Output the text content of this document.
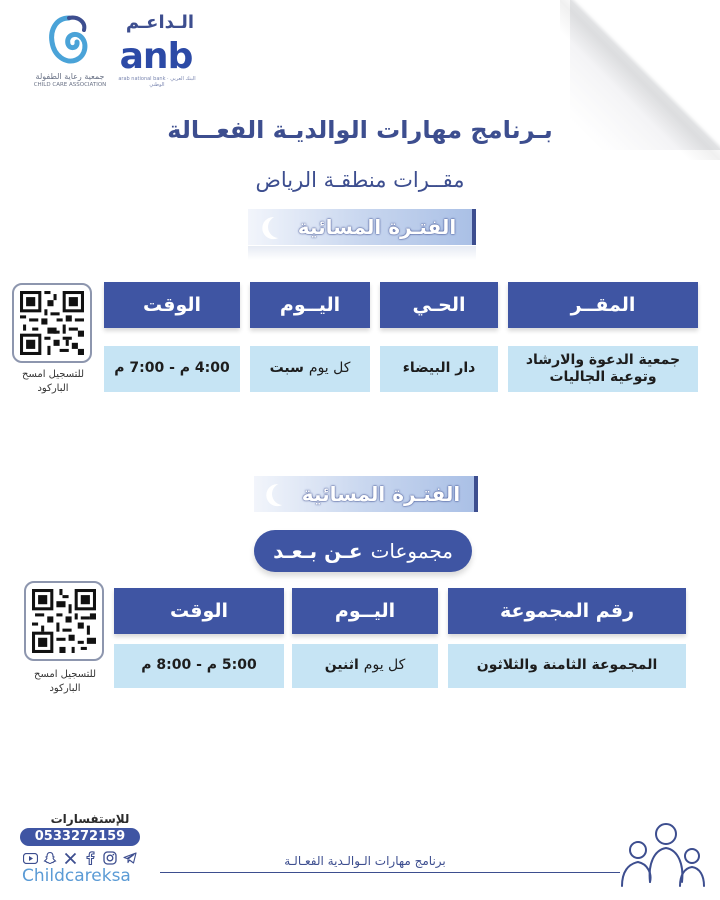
الـداعـم
anb
arab national bank · البنك العربي الوطني
جمعية رعاية الطفولة
CHILD CARE ASSOCIATION
بـرنامج مهارات الوالديـة الفعــالة
مقــرات منطقـة الرياض
الفتـرة المسائية
المقــر
الحـي
اليــوم
الوقت
جمعية الدعوة والارشاد وتوعية الجاليات
دار البيضاء
كل يوم
سبت
4:00 م - 7:00 م
للتسجيل امسح الباركود
الفتـرة المسائية
مجموعات
عـن بـعـد
رقم المجموعة
اليــوم
الوقت
المجموعة الثامنة والثلاثون
كل يوم
اثنين
5:00 م - 8:00 م
للتسجيل امسح الباركود
للإستفسارات
0533272159
Childcareksa
برنامج مهارات الـوالـدية الفعـالـة
